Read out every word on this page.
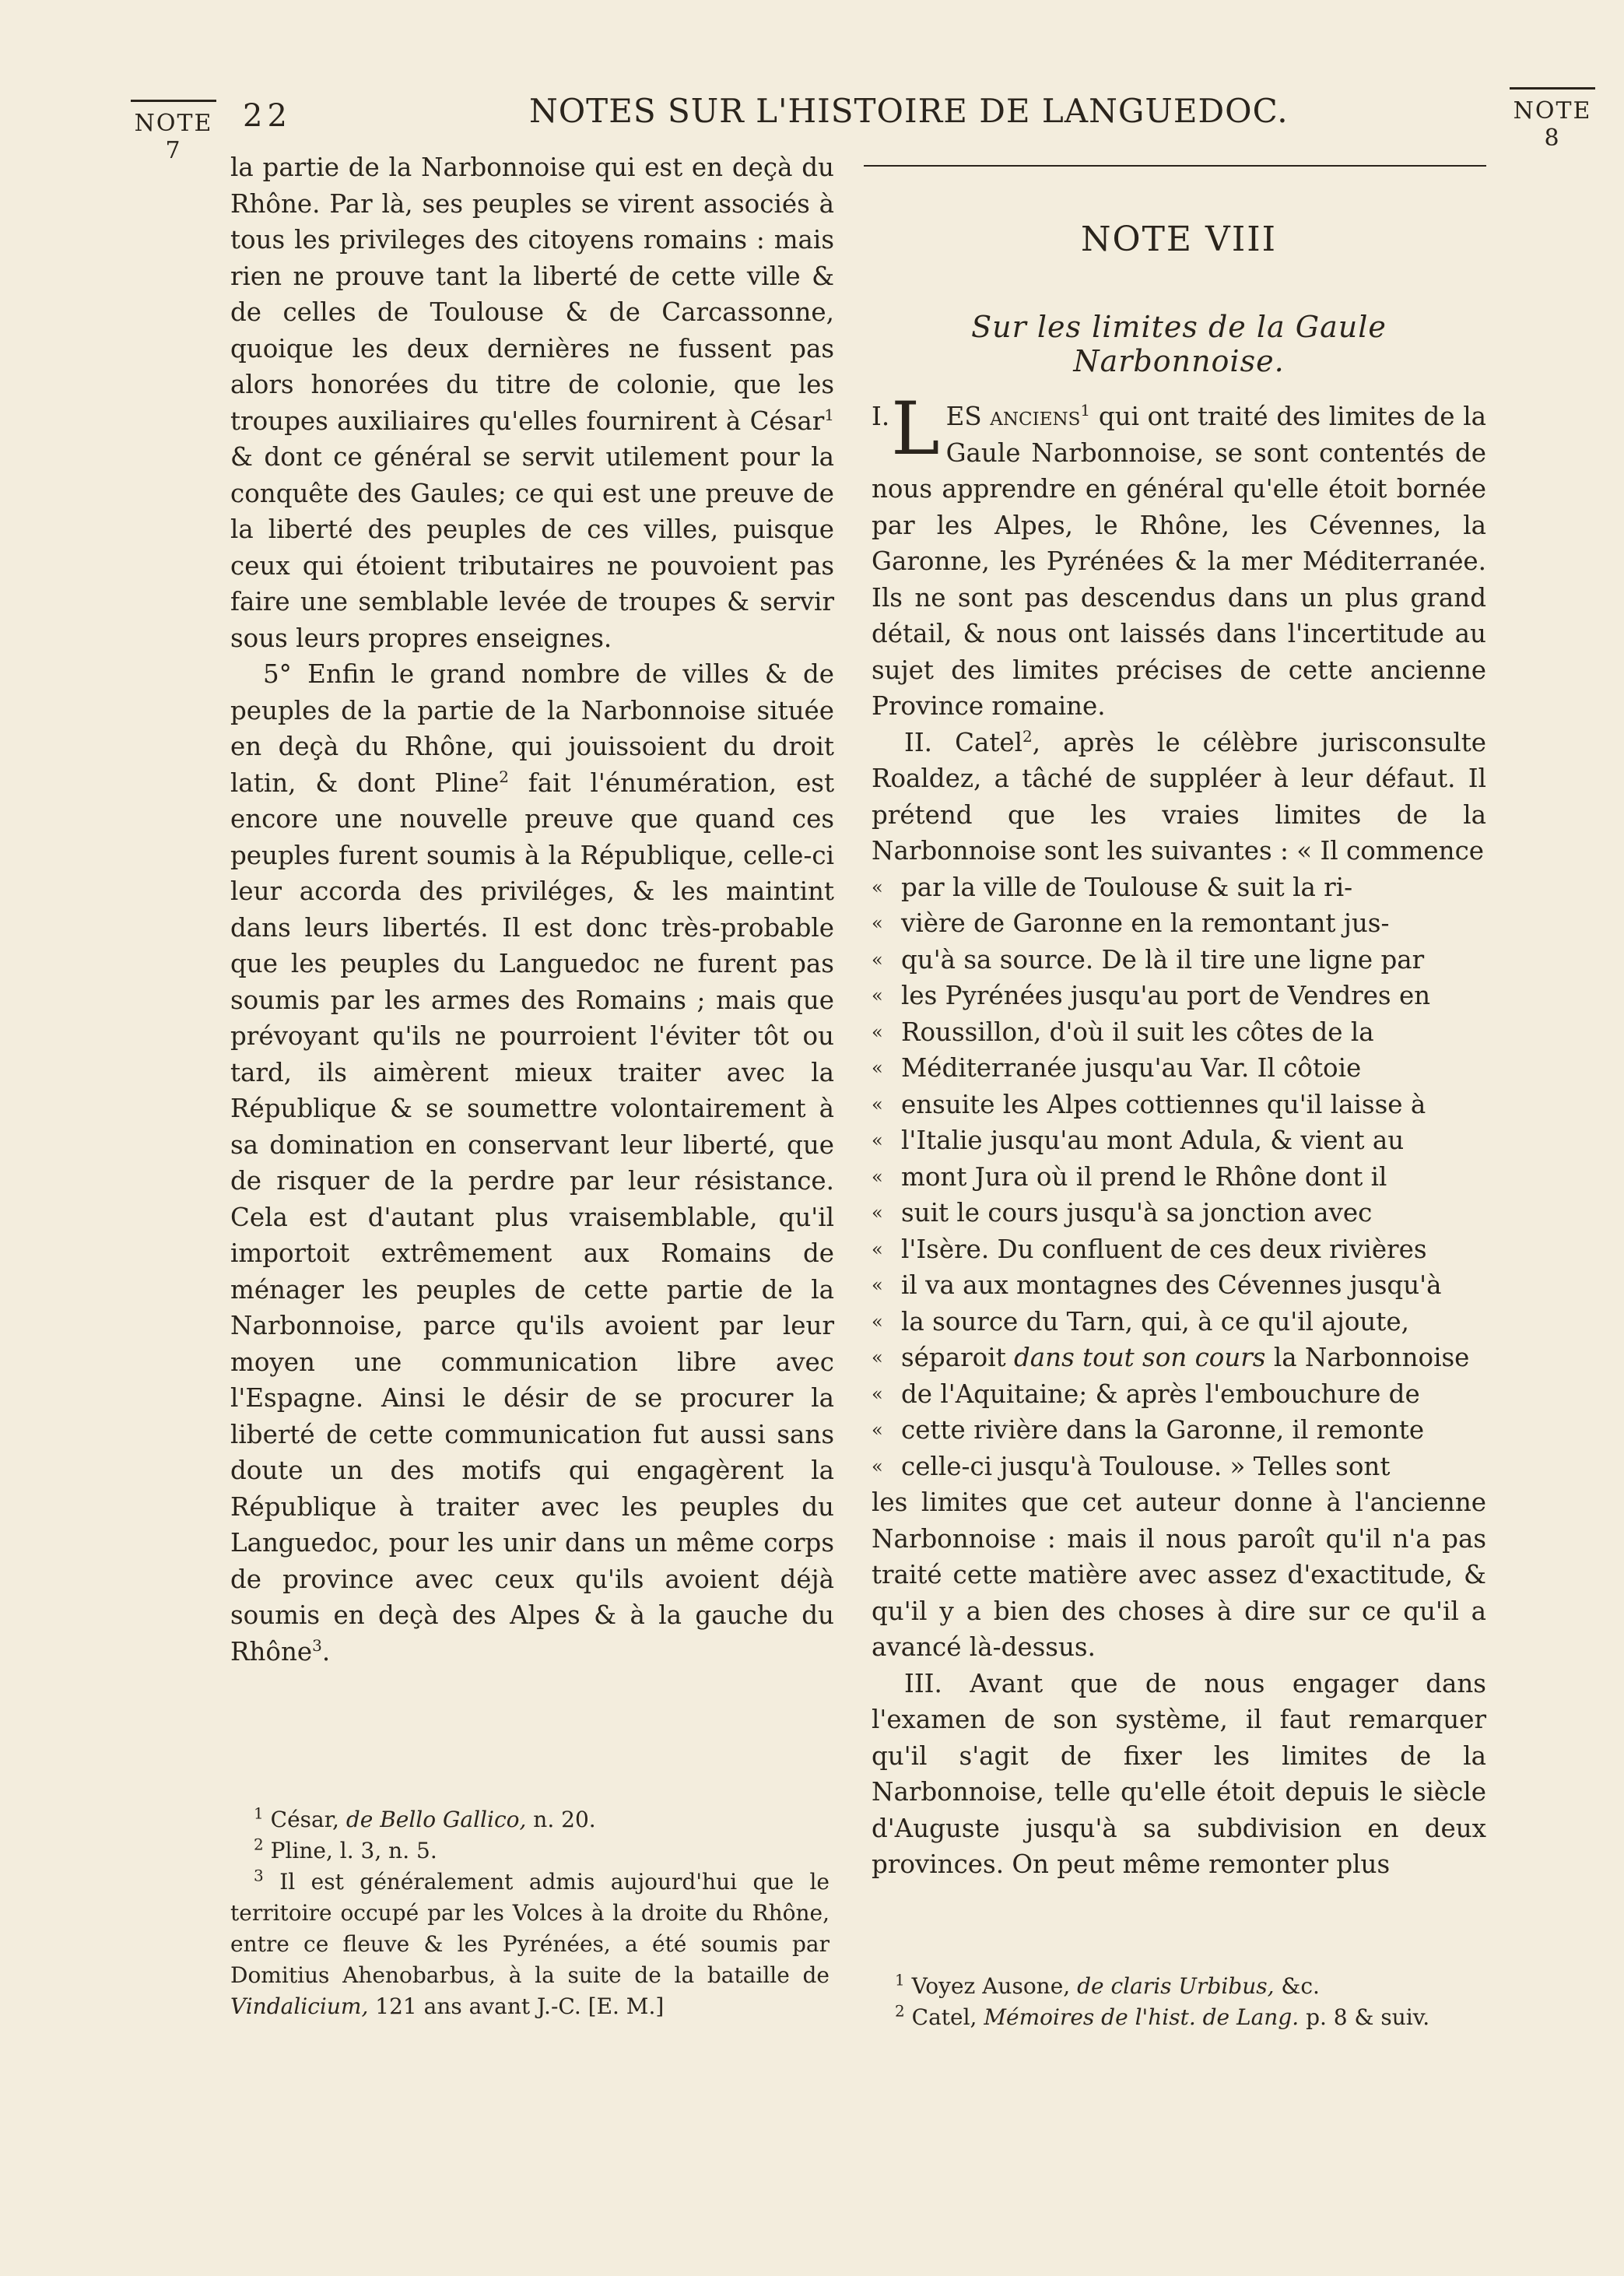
NOTE
7
22	NOTES SUR L'HISTOIRE DE LANGUEDOC.	NOTE
8

la partie de la Narbonnoise qui est en deçà du Rhône. Par là, ses peuples se virent associés à tous les privileges des citoyens romains : mais rien ne prouve tant la liberté de cette ville & de celles de Toulouse & de Carcassonne, quoique les deux dernières ne fussent pas alors honorées du titre de colonie, que les troupes auxiliaires qu'elles fournirent à César$^1$ & dont ce général se servit utilement pour la conquête des Gaules; ce qui est une preuve de la liberté des peuples de ces villes, puisque ceux qui étoient tributaires ne pouvoient pas faire une semblable levée de troupes & servir sous leurs propres enseignes.

5° Enfin le grand nombre de villes & de peuples de la partie de la Narbonnoise située en deçà du Rhône, qui jouissoient du droit latin, & dont Pline$^2$ fait l'énumération, est encore une nouvelle preuve que quand ces peuples furent soumis à la République, celle-ci leur accorda des priviléges, & les maintint dans leurs libertés. Il est donc très-probable que les peuples du Languedoc ne furent pas soumis par les armes des Romains ; mais que prévoyant qu'ils ne pourroient l'éviter tôt ou tard, ils aimèrent mieux traiter avec la République & se soumettre volontairement à sa domination en conservant leur liberté, que de risquer de la perdre par leur résistance. Cela est d'autant plus vraisemblable, qu'il importoit extrêmement aux Romains de ménager les peuples de cette partie de la Narbonnoise, parce qu'ils avoient par leur moyen une communication libre avec l'Espagne. Ainsi le désir de se procurer la liberté de cette communication fut aussi sans doute un des motifs qui engagèrent la République à traiter avec les peuples du Languedoc, pour les unir dans un même corps de province avec ceux qu'ils avoient déjà soumis en deçà des Alpes & à la gauche du Rhône$^3$.

$^1$ César, de Bello Gallico, n. 20.

$^2$ Pline, l. 3, n. 5.

$^3$ Il est généralement admis aujourd'hui que le territoire occupé par les Volces à la droite du Rhône, entre ce fleuve & les Pyrénées, a été soumis par Domitius Ahenobarbus, à la suite de la bataille de Vindalicium, 121 ans avant J.-C. [E. M.]

NOTE VIII
Sur les limites de la Gaule Narbonnoise.

I. L ES anciens$^1$ qui ont traité des limites de la Gaule Narbonnoise, se sont contentés de nous apprendre en général qu'elle étoit bornée par les Alpes, le Rhône, les Cévennes, la Garonne, les Pyrénées & la mer Méditerranée. Ils ne sont pas descendus dans un plus grand détail, & nous ont laissés dans l'incertitude au sujet des limites précises de cette ancienne Province romaine.

II. Catel$^2$, après le célèbre jurisconsulte Roaldez, a tâché de suppléer à leur défaut. Il prétend que les vraies limites de la Narbonnoise sont les suivantes : « Il commence

« par la ville de Toulouse & suit la ri-
« vière de Garonne en la remontant jus-
« qu'à sa source. De là il tire une ligne par
« les Pyrénées jusqu'au port de Vendres en
« Roussillon, d'où il suit les côtes de la
« Méditerranée jusqu'au Var. Il côtoie
« ensuite les Alpes cottiennes qu'il laisse à
« l'Italie jusqu'au mont Adula, & vient au
« mont Jura où il prend le Rhône dont il
« suit le cours jusqu'à sa jonction avec
« l'Isère. Du confluent de ces deux rivières
« il va aux montagnes des Cévennes jusqu'à
« la source du Tarn, qui, à ce qu'il ajoute,
« séparoit dans tout son cours la Narbonnoise
« de l'Aquitaine; & après l'embouchure de
« cette rivière dans la Garonne, il remonte
« celle-ci jusqu'à Toulouse. » Telles sont

les limites que cet auteur donne à l'ancienne Narbonnoise : mais il nous paroît qu'il n'a pas traité cette matière avec assez d'exactitude, & qu'il y a bien des choses à dire sur ce qu'il a avancé là-dessus.

III. Avant que de nous engager dans l'examen de son système, il faut remarquer qu'il s'agit de fixer les limites de la Narbonnoise, telle qu'elle étoit depuis le siècle d'Auguste jusqu'à sa subdivision en deux provinces. On peut même remonter plus

$^1$ Voyez Ausone, de claris Urbibus, &c.

$^2$ Catel, Mémoires de l'hist. de Lang. p. 8 & suiv.
